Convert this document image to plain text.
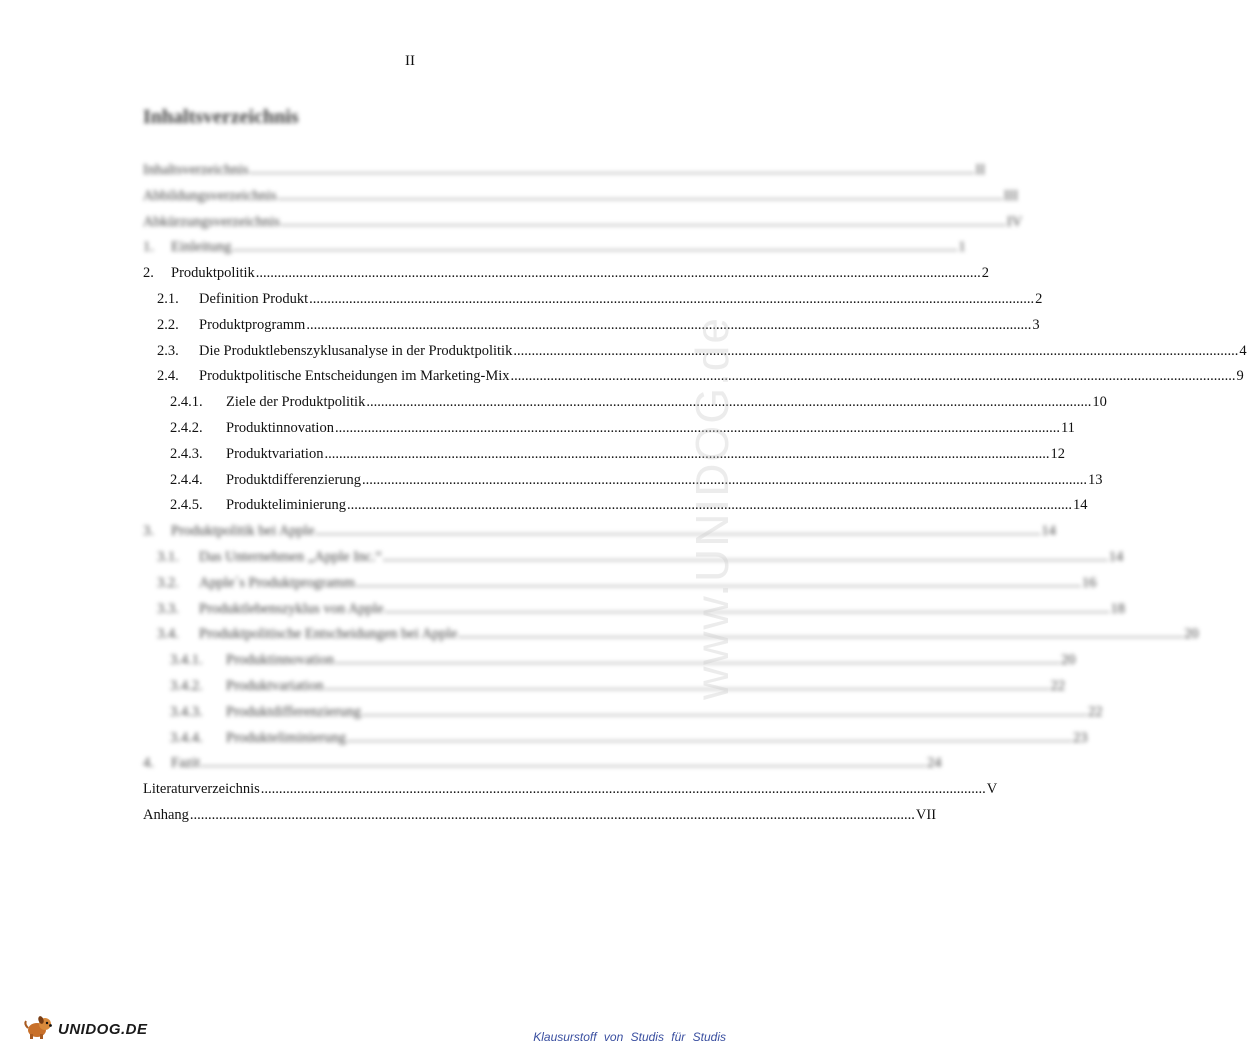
II
Inhaltsverzeichnis
Inhaltsverzeichnis ........................................................................................................................................................................................................ II
Abbildungsverzeichnis ........................................................................................................................................................................................................ III
Abkürzungsverzeichnis ........................................................................................................................................................................................................ IV
1.	Einleitung ........................................................................................................................................................................................................ 1
2.	Produktpolitik ........................................................................................................................................................................................................ 2
2.1.	Definition Produkt ........................................................................................................................................................................................................ 2
2.2.	Produktprogramm ........................................................................................................................................................................................................ 3
2.3.	Die Produktlebenszyklusanalyse in der Produktpolitik ........................................................................................................................................................................................................ 4
2.4.	Produktpolitische Entscheidungen im Marketing-Mix ........................................................................................................................................................................................................ 9
2.4.1.	Ziele der Produktpolitik ........................................................................................................................................................................................................ 10
2.4.2.	Produktinnovation ........................................................................................................................................................................................................ 11
2.4.3.	Produktvariation ........................................................................................................................................................................................................ 12
2.4.4.	Produktdifferenzierung ........................................................................................................................................................................................................ 13
2.4.5.	Produkteliminierung ........................................................................................................................................................................................................ 14
3.	Produktpolitik bei Apple ........................................................................................................................................................................................................ 14
3.1.	Das Unternehmen „Apple Inc.“ ........................................................................................................................................................................................................ 14
3.2.	Apple´s Produktprogramm ........................................................................................................................................................................................................ 16
3.3.	Produktlebenszyklus von Apple ........................................................................................................................................................................................................ 18
3.4.	Produktpolitische Entscheidungen bei Apple ........................................................................................................................................................................................................ 20
3.4.1.	Produktinnovation ........................................................................................................................................................................................................ 20
3.4.2.	Produktvariation ........................................................................................................................................................................................................ 22
3.4.3.	Produktdifferenzierung ........................................................................................................................................................................................................ 22
3.4.4.	Produkteliminierung ........................................................................................................................................................................................................ 23
4.	Fazit ........................................................................................................................................................................................................ 24
Literaturverzeichnis ........................................................................................................................................................................................................ V
Anhang ........................................................................................................................................................................................................ VII
www.UNIDOG.de
UNIDOG.DE	Klausurstoff von Studis für Studis
